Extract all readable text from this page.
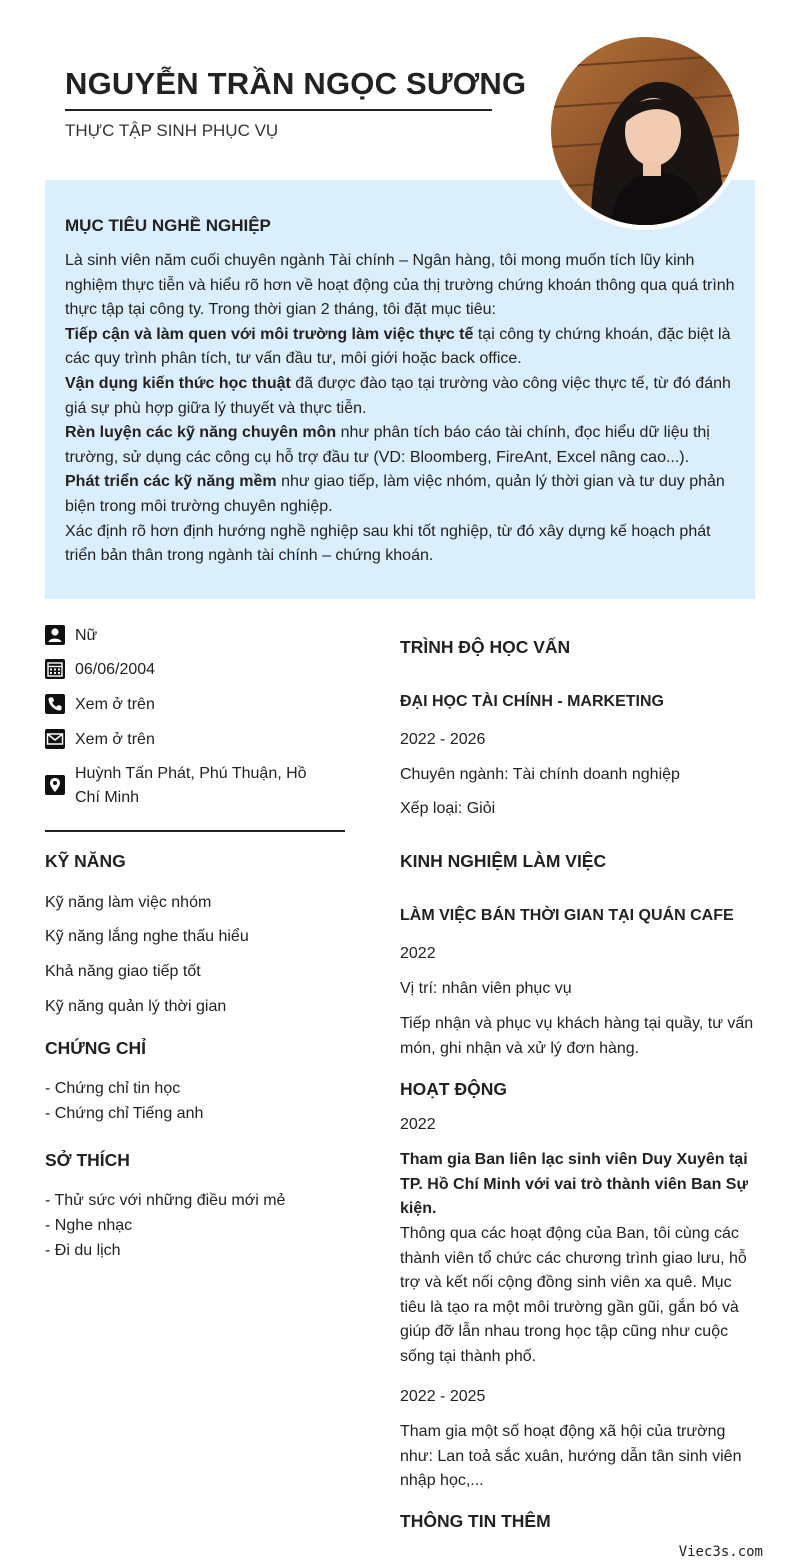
NGUYỄN TRẦN NGỌC SƯƠNG
THỰC TẬP SINH PHỤC VỤ
MỤC TIÊU NGHỀ NGHIỆP

Là sinh viên năm cuối chuyên ngành Tài chính – Ngân hàng, tôi mong muốn tích lũy kinh nghiệm thực tiễn và hiểu rõ hơn về hoạt động của thị trường chứng khoán thông qua quá trình thực tập tại công ty. Trong thời gian 2 tháng, tôi đặt mục tiêu:

Tiếp cận và làm quen với môi trường làm việc thực tế tại công ty chứng khoán, đặc biệt là các quy trình phân tích, tư vấn đầu tư, môi giới hoặc back office.

Vận dụng kiến thức học thuật đã được đào tạo tại trường vào công việc thực tế, từ đó đánh giá sự phù hợp giữa lý thuyết và thực tiễn.

Rèn luyện các kỹ năng chuyên môn như phân tích báo cáo tài chính, đọc hiểu dữ liệu thị trường, sử dụng các công cụ hỗ trợ đầu tư (VD: Bloomberg, FireAnt, Excel nâng cao...).

Phát triển các kỹ năng mềm như giao tiếp, làm việc nhóm, quản lý thời gian và tư duy phản biện trong môi trường chuyên nghiệp.

Xác định rõ hơn định hướng nghề nghiệp sau khi tốt nghiệp, từ đó xây dựng kế hoạch phát triển bản thân trong ngành tài chính – chứng khoán.

Nữ
06/06/2004
Xem ở trên
Xem ở trên
Huỳnh Tấn Phát, Phú Thuận, Hồ Chí Minh
KỸ NĂNG
Kỹ năng làm việc nhóm
Kỹ năng lắng nghe thấu hiểu
Khả năng giao tiếp tốt
Kỹ năng quản lý thời gian
CHỨNG CHỈ
- Chứng chỉ tin học
- Chứng chỉ Tiếng anh
SỞ THÍCH
- Thử sức với những điều mới mẻ
- Nghe nhạc
- Đi du lịch
TRÌNH ĐỘ HỌC VẤN
ĐẠI HỌC TÀI CHÍNH - MARKETING
2022 - 2026
Chuyên ngành: Tài chính doanh nghiệp
Xếp loại: Giỏi
KINH NGHIỆM LÀM VIỆC
LÀM VIỆC BÁN THỜI GIAN TẠI QUÁN CAFE
2022
Vị trí: nhân viên phục vụ
Tiếp nhận và phục vụ khách hàng tại quầy, tư vấn món, ghi nhận và xử lý đơn hàng.
HOẠT ĐỘNG
2022
Tham gia Ban liên lạc sinh viên Duy Xuyên tại TP. Hồ Chí Minh với vai trò thành viên Ban Sự kiện.
Thông qua các hoạt động của Ban, tôi cùng các thành viên tổ chức các chương trình giao lưu, hỗ trợ và kết nối cộng đồng sinh viên xa quê. Mục tiêu là tạo ra một môi trường gần gũi, gắn bó và giúp đỡ lẫn nhau trong học tập cũng như cuộc sống tại thành phố.
2022 - 2025
Tham gia một số hoạt động xã hội của trường như: Lan toả sắc xuân, hướng dẫn tân sinh viên nhập học,...
THÔNG TIN THÊM
Viec3s.com
